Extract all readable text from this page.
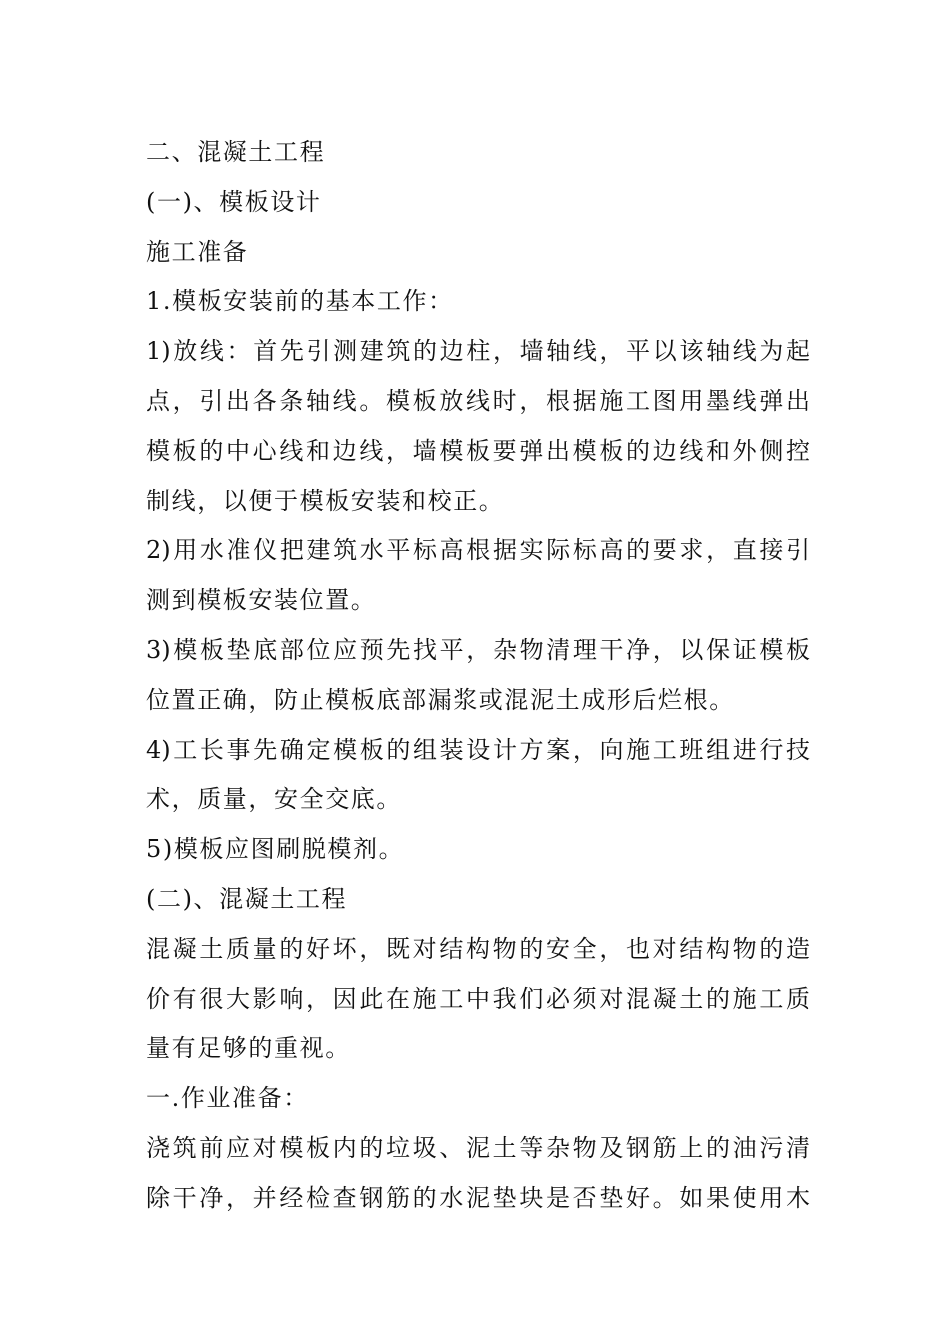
二、混凝土工程
(一)、模板设计
施工准备
1.模板安装前的基本工作：
1)放线：首先引测建筑的边柱，墙轴线，平以该轴线为起
点，引出各条轴线。模板放线时，根据施工图用墨线弹出
模板的中心线和边线，墙模板要弹出模板的边线和外侧控
制线，以便于模板安装和校正。
2)用水准仪把建筑水平标高根据实际标高的要求，直接引
测到模板安装位置。
3)模板垫底部位应预先找平，杂物清理干净，以保证模板
位置正确，防止模板底部漏浆或混泥土成形后烂根。
4)工长事先确定模板的组装设计方案，向施工班组进行技
术，质量，安全交底。
5)模板应图刷脱模剂。
(二)、混凝土工程
混凝土质量的好坏，既对结构物的安全，也对结构物的造
价有很大影响，因此在施工中我们必须对混凝土的施工质
量有足够的重视。
一.作业准备：
浇筑前应对模板内的垃圾、泥土等杂物及钢筋上的油污清
除干净，并经检查钢筋的水泥垫块是否垫好。如果使用木
